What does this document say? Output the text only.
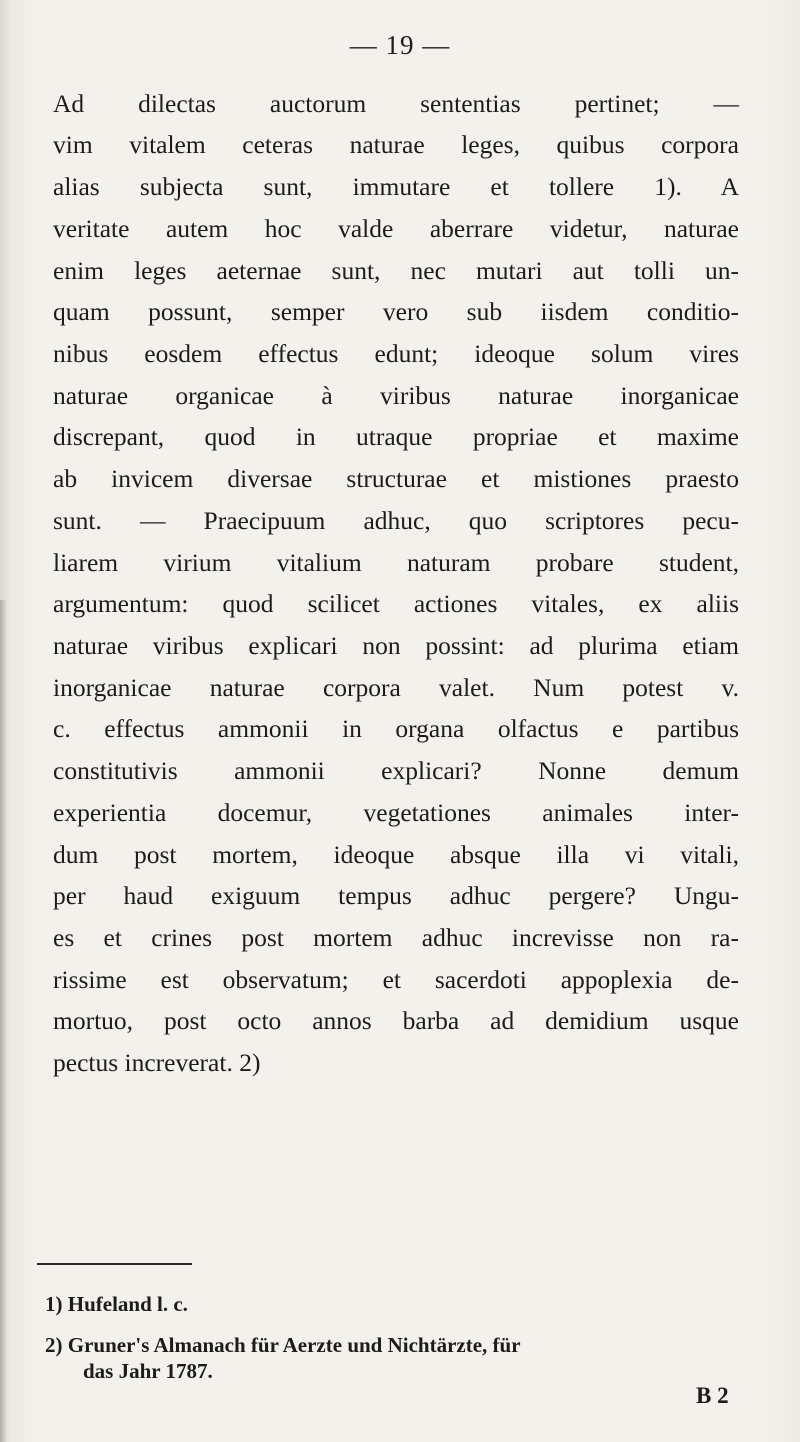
— 19 —
Ad dilectas auctorum sententias pertinet; —
vim vitalem ceteras naturae leges, quibus corpora
alias subjecta sunt, immutare et tollere 1). A
veritate autem hoc valde aberrare videtur, naturae
enim leges aeternae sunt, nec mutari aut tolli un-
quam possunt, semper vero sub iisdem conditio-
nibus eosdem effectus edunt; ideoque solum vires
naturae organicae à viribus naturae inorganicae
discrepant, quod in utraque propriae et maxime
ab invicem diversae structurae et mistiones praesto
sunt. — Praecipuum adhuc, quo scriptores pecu-
liarem virium vitalium naturam probare student,
argumentum: quod scilicet actiones vitales, ex aliis
naturae viribus explicari non possint: ad plurima etiam
inorganicae naturae corpora valet. Num potest v.
c. effectus ammonii in organa olfactus e partibus
constitutivis ammonii explicari? Nonne demum
experientia docemur, vegetationes animales inter-
dum post mortem, ideoque absque illa vi vitali,
per haud exiguum tempus adhuc pergere? Ungu-
es et crines post mortem adhuc increvisse non ra-
rissime est observatum; et sacerdoti appoplexia de-
mortuo, post octo annos barba ad demidium usque
pectus increverat. 2)
1) Hufeland l. c.
2) Gruner's Almanach für Aerzte und Nichtärzte, für
das Jahr 1787.
B 2
